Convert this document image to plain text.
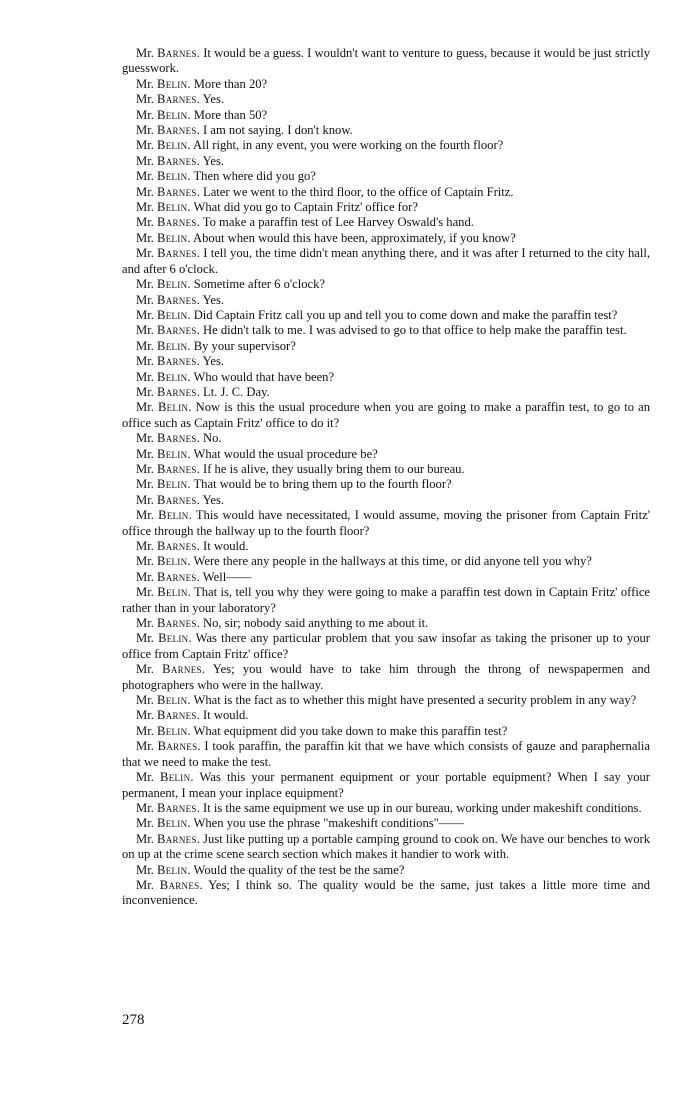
Mr. Barnes. It would be a guess. I wouldn't want to venture to guess, because it would be just strictly guesswork.

Mr. Belin. More than 20?

Mr. Barnes. Yes.

Mr. Belin. More than 50?

Mr. Barnes. I am not saying. I don't know.

Mr. Belin. All right, in any event, you were working on the fourth floor?

Mr. Barnes. Yes.

Mr. Belin. Then where did you go?

Mr. Barnes. Later we went to the third floor, to the office of Captain Fritz.

Mr. Belin. What did you go to Captain Fritz' office for?

Mr. Barnes. To make a paraffin test of Lee Harvey Oswald's hand.

Mr. Belin. About when would this have been, approximately, if you know?

Mr. Barnes. I tell you, the time didn't mean anything there, and it was after I returned to the city hall, and after 6 o'clock.

Mr. Belin. Sometime after 6 o'clock?

Mr. Barnes. Yes.

Mr. Belin. Did Captain Fritz call you up and tell you to come down and make the paraffin test?

Mr. Barnes. He didn't talk to me. I was advised to go to that office to help make the paraffin test.

Mr. Belin. By your supervisor?

Mr. Barnes. Yes.

Mr. Belin. Who would that have been?

Mr. Barnes. Lt. J. C. Day.

Mr. Belin. Now is this the usual procedure when you are going to make a paraffin test, to go to an office such as Captain Fritz' office to do it?

Mr. Barnes. No.

Mr. Belin. What would the usual procedure be?

Mr. Barnes. If he is alive, they usually bring them to our bureau.

Mr. Belin. That would be to bring them up to the fourth floor?

Mr. Barnes. Yes.

Mr. Belin. This would have necessitated, I would assume, moving the prisoner from Captain Fritz' office through the hallway up to the fourth floor?

Mr. Barnes. It would.

Mr. Belin. Were there any people in the hallways at this time, or did anyone tell you why?

Mr. Barnes. Well——

Mr. Belin. That is, tell you why they were going to make a paraffin test down in Captain Fritz' office rather than in your laboratory?

Mr. Barnes. No, sir; nobody said anything to me about it.

Mr. Belin. Was there any particular problem that you saw insofar as taking the prisoner up to your office from Captain Fritz' office?

Mr. Barnes. Yes; you would have to take him through the throng of newspapermen and photographers who were in the hallway.

Mr. Belin. What is the fact as to whether this might have presented a security problem in any way?

Mr. Barnes. It would.

Mr. Belin. What equipment did you take down to make this paraffin test?

Mr. Barnes. I took paraffin, the paraffin kit that we have which consists of gauze and paraphernalia that we need to make the test.

Mr. Belin. Was this your permanent equipment or your portable equipment? When I say your permanent, I mean your inplace equipment?

Mr. Barnes. It is the same equipment we use up in our bureau, working under makeshift conditions.

Mr. Belin. When you use the phrase "makeshift conditions"——

Mr. Barnes. Just like putting up a portable camping ground to cook on. We have our benches to work on up at the crime scene search section which makes it handier to work with.

Mr. Belin. Would the quality of the test be the same?

Mr. Barnes. Yes; I think so. The quality would be the same, just takes a little more time and inconvenience.

278
